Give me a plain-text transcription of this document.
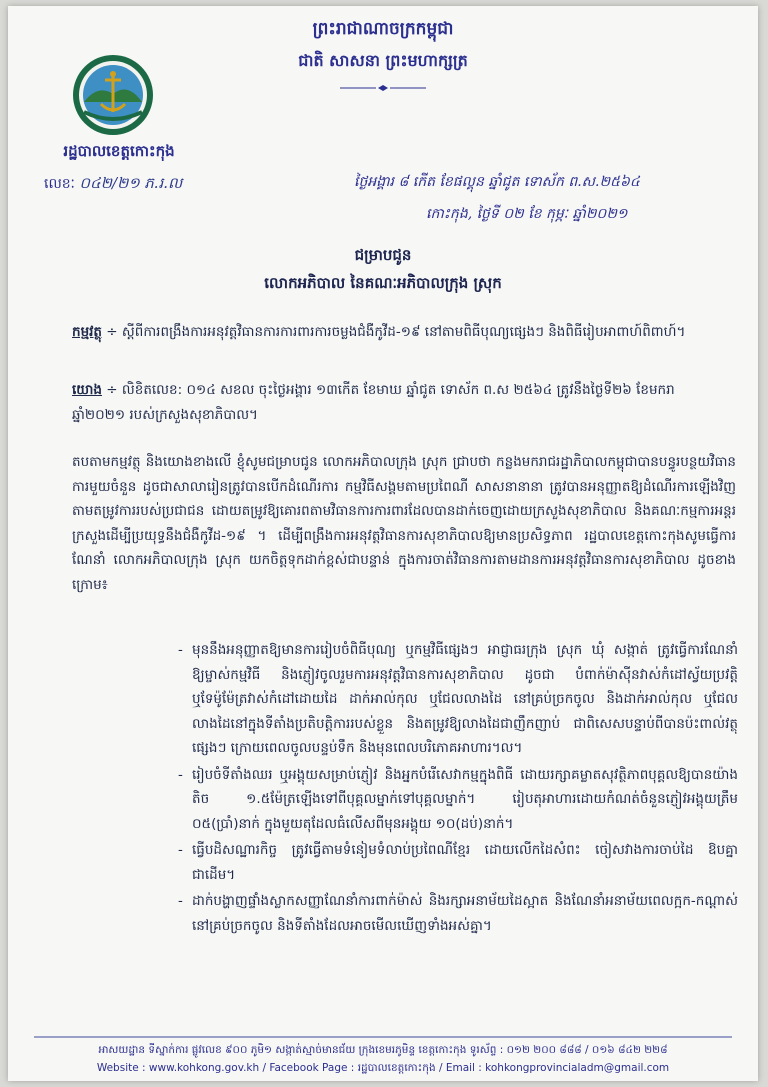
ព្រះរាជាណាចក្រកម្ពុជា
ជាតិ សាសនា ព្រះមហាក្សត្រ
រដ្ឋបាលខេត្តកោះកុង
លេខៈ ០៤២/២១ ភ.រ.ល	ថ្ងៃអង្គារ ៨ កើត ខែផល្គុន ឆ្នាំជូត ទោស័ក ព.ស.២៥៦៤
កោះកុង, ថ្ងៃទី ០២ ខែ កុម្ភៈ ឆ្នាំ២០២១
ជម្រាបជូន
លោកអភិបាល នៃគណៈអភិបាលក្រុង ស្រុក
កម្មវត្ថុ ÷ ស្ដីពីការពង្រឹងការអនុវត្តវិធានការការពារការចម្លងជំងឺកូវីដ-១៩ នៅតាមពិធីបុណ្យផ្សេងៗ និងពិធីរៀបអាពាហ៍ពិពាហ៍។
យោង ÷ លិខិតលេខ: ០១៤ សខល ចុះថ្ងៃអង្គារ ១៣កើត ខែមាឃ ឆ្នាំជូត ទោស័ក ព.ស ២៥៦៤ ត្រូវនឹងថ្ងៃទី២៦ ខែមករា ឆ្នាំ២០២១ របស់ក្រសួងសុខាភិបាល។
តបតាមកម្មវត្ថុ និងយោងខាងលើ ខ្ញុំសូមជម្រាបជូន លោកអភិបាលក្រុង ស្រុក ជ្រាបថា កន្លងមករាជរដ្ឋាភិបាលកម្ពុជាបានបន្ធូរបន្ថយវិធានការមួយចំនួន ដូចជាសាលារៀនត្រូវបានបើកដំណើរការ កម្មវិធីសង្គមតាមប្រពៃណី សាសនានានា ត្រូវបានអនុញ្ញាតឱ្យដំណើរការឡើងវិញតាមតម្រូវការរបស់ប្រជាជន ដោយតម្រូវឱ្យគោរពតាមវិធានការការពារដែលបានដាក់ចេញដោយក្រសួងសុខាភិបាល និងគណៈកម្មការអន្តរក្រសួងដើម្បីប្រយុទ្ធនឹងជំងឺកូវីដ-១៩ ។ ដើម្បីពង្រឹងការអនុវត្តវិធានការសុខាភិបាលឱ្យមានប្រសិទ្ធភាព រដ្ឋបាលខេត្តកោះកុងសូមធ្វើការណែនាំ លោកអភិបាលក្រុង ស្រុក យកចិត្តទុកដាក់ខ្ពស់ជាបន្ទាន់ ក្នុងការចាត់វិធានការតាមដានការអនុវត្តវិធានការសុខាភិបាល ដូចខាងក្រោម៖
- មុននឹងអនុញ្ញាតឱ្យមានការរៀបចំពិធីបុណ្យ ឬកម្មវិធីផ្សេងៗ អាជ្ញាធរក្រុង ស្រុក ឃុំ សង្កាត់ ត្រូវធ្វើការណែនាំឱ្យម្ចាស់កម្មវិធី និងភ្ញៀវចូលរួមការអនុវត្តវិធានការសុខាភិបាល ដូចជា បំពាក់ម៉ាស៊ីនវាស់កំដៅស្វ័យប្រវត្តិ ឬទែម៉ូម៉ែត្រវាស់កំដៅដោយដៃ ដាក់អាល់កុល ឬជែលលាងដៃ នៅគ្រប់ច្រកចូល និងដាក់អាល់កុល ឬជែលលាងដៃនៅក្នុងទីតាំងប្រតិបត្តិការរបស់ខ្លួន និងតម្រូវឱ្យលាងដៃជាញឹកញាប់ ជាពិសេសបន្ទាប់ពីបានប៉ះពាល់វត្ថុផ្សេងៗ ក្រោយពេលចូលបន្ទប់ទឹក និងមុនពេលបរិភោគអាហារ។ល។
- រៀបចំទីតាំងឈរ ឬអង្គុយសម្រាប់ភ្ញៀវ និងអ្នកបំរើសេវាកម្មក្នុងពិធី ដោយរក្សាគម្លាតសុវត្ថិភាពបុគ្គលឱ្យបានយ៉ាងតិច ១.៥ម៉ែត្រឡើងទៅពីបុគ្គលម្នាក់ទៅបុគ្គលម្នាក់។ រៀបតុអាហារដោយកំណត់ចំនួនភ្ញៀវអង្គុយត្រឹម ០៥(ប្រាំ)នាក់ ក្នុងមួយតុដែលធំលើសពីមុនអង្គុយ ១០(ដប់)នាក់។
- ធ្វើបដិសណ្ឋារកិច្ច ត្រូវធ្វើតាមទំនៀមទំលាប់ប្រពៃណីខ្មែរ ដោយលើកដៃសំពះ ចៀសវាងការចាប់ដៃ ឱបគ្នាជាដើម។
- ដាក់បង្ហាញផ្ទាំងស្លាកសញ្ញាណែនាំការពាក់ម៉ាស់ និងរក្សាអនាម័យដៃស្អាត និងណែនាំអនាម័យពេលក្អក-កណ្ដាស់ នៅគ្រប់ច្រកចូល និងទីតាំងដែលអាចមើលឃើញទាំងអស់គ្នា។
អាសយដ្ឋាន ទីស្នាក់ការ ផ្លូវលេខ ៩០០ ភូមិ១ សង្កាត់ស្មាច់មានជ័យ ក្រុងខេមរភូមិន្ទ ខេត្តកោះកុង ទូរស័ព្ទ : ០១២ ២០០ ៨៨៨ / ០១៦ ៨៤២ ២២៨
Website : www.kohkong.gov.kh / Facebook Page : រដ្ឋបាលខេត្តកោះកុង / Email : kohkongprovincialadm@gmail.com
